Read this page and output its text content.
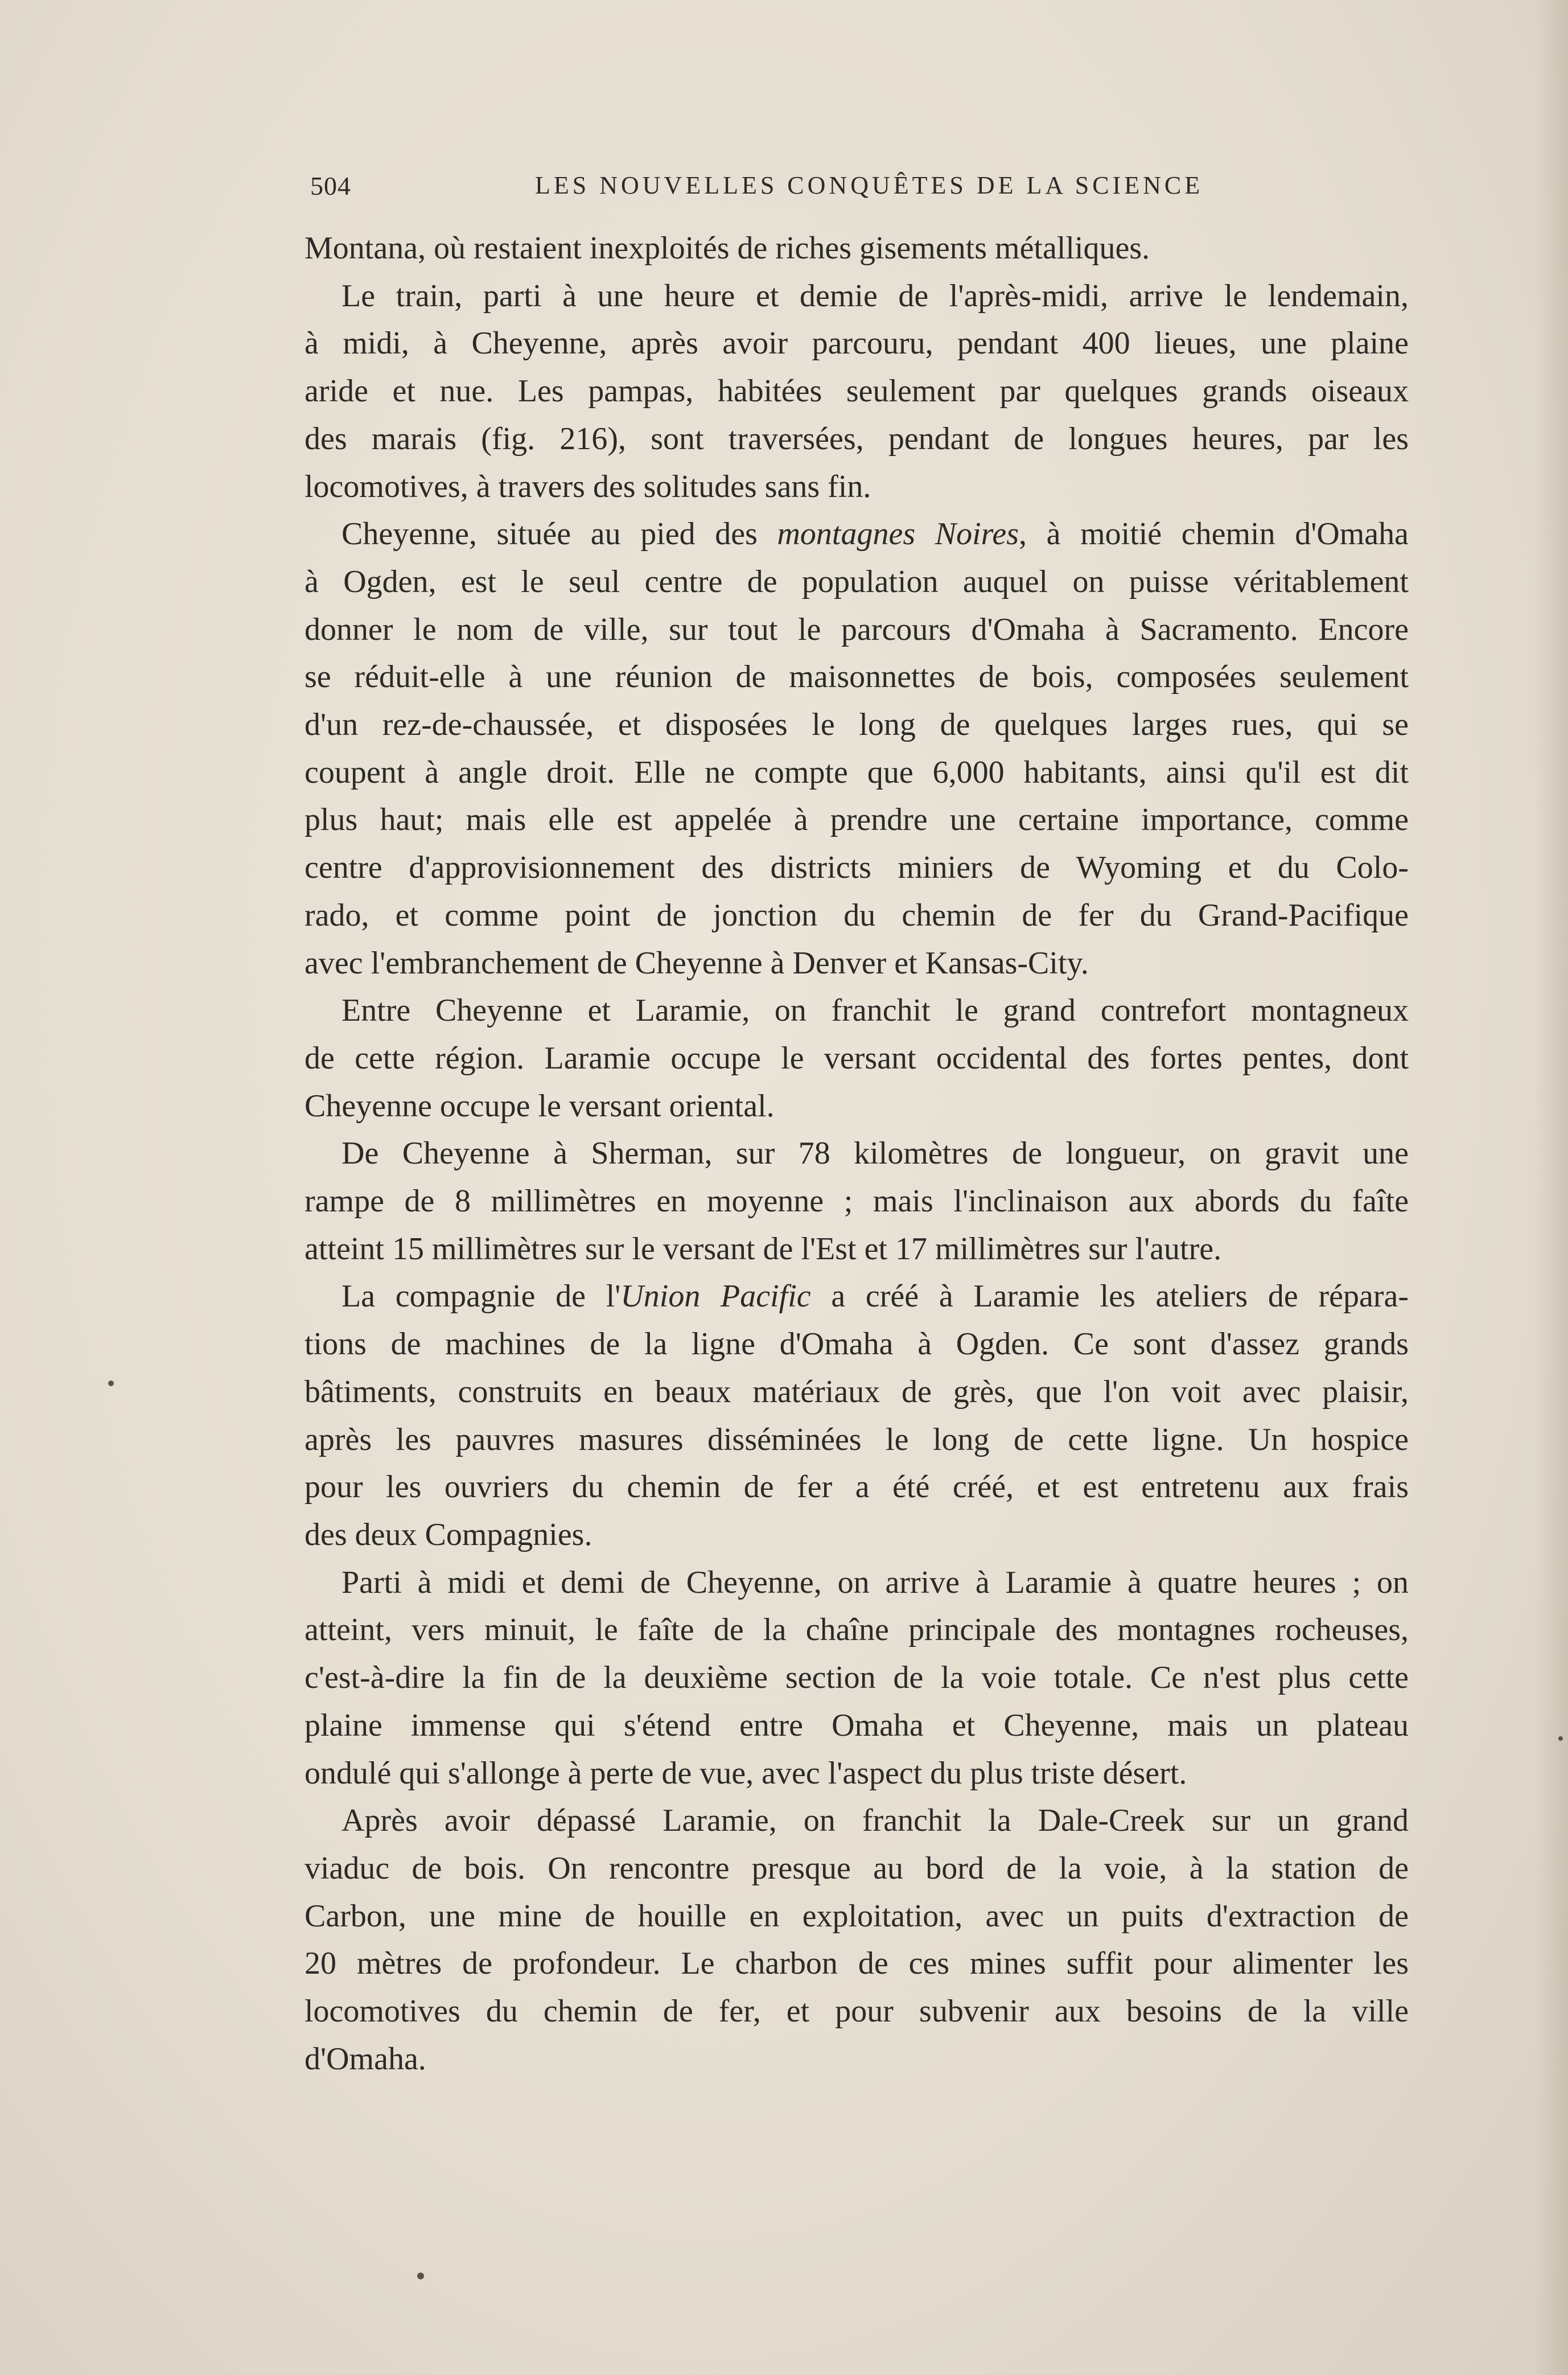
504	LES NOUVELLES CONQUÊTES DE LA SCIENCE

Montana, où restaient inexploités de riches gisements métalliques.

Le train, parti à une heure et demie de l'après-midi, arrive le lendemain,
à midi, à Cheyenne, après avoir parcouru, pendant 400 lieues, une plaine
aride et nue. Les pampas, habitées seulement par quelques grands oiseaux
des marais (fig. 216), sont traversées, pendant de longues heures, par les
locomotives, à travers des solitudes sans fin.

Cheyenne, située au pied des montagnes Noires, à moitié chemin d'Omaha
à Ogden, est le seul centre de population auquel on puisse véritablement
donner le nom de ville, sur tout le parcours d'Omaha à Sacramento. Encore
se réduit-elle à une réunion de maisonnettes de bois, composées seulement
d'un rez-de-chaussée, et disposées le long de quelques larges rues, qui se
coupent à angle droit. Elle ne compte que 6,000 habitants, ainsi qu'il est dit
plus haut; mais elle est appelée à prendre une certaine importance, comme
centre d'approvisionnement des districts miniers de Wyoming et du Colo-
rado, et comme point de jonction du chemin de fer du Grand-Pacifique
avec l'embranchement de Cheyenne à Denver et Kansas-City.

Entre Cheyenne et Laramie, on franchit le grand contrefort montagneux
de cette région. Laramie occupe le versant occidental des fortes pentes, dont
Cheyenne occupe le versant oriental.

De Cheyenne à Sherman, sur 78 kilomètres de longueur, on gravit une
rampe de 8 millimètres en moyenne ; mais l'inclinaison aux abords du faîte
atteint 15 millimètres sur le versant de l'Est et 17 millimètres sur l'autre.

La compagnie de l'Union Pacific a créé à Laramie les ateliers de répara-
tions de machines de la ligne d'Omaha à Ogden. Ce sont d'assez grands
bâtiments, construits en beaux matériaux de grès, que l'on voit avec plaisir,
après les pauvres masures disséminées le long de cette ligne. Un hospice
pour les ouvriers du chemin de fer a été créé, et est entretenu aux frais
des deux Compagnies.

Parti à midi et demi de Cheyenne, on arrive à Laramie à quatre heures ; on
atteint, vers minuit, le faîte de la chaîne principale des montagnes rocheuses,
c'est-à-dire la fin de la deuxième section de la voie totale. Ce n'est plus cette
plaine immense qui s'étend entre Omaha et Cheyenne, mais un plateau
ondulé qui s'allonge à perte de vue, avec l'aspect du plus triste désert.

Après avoir dépassé Laramie, on franchit la Dale-Creek sur un grand
viaduc de bois. On rencontre presque au bord de la voie, à la station de
Carbon, une mine de houille en exploitation, avec un puits d'extraction de
20 mètres de profondeur. Le charbon de ces mines suffit pour alimenter les
locomotives du chemin de fer, et pour subvenir aux besoins de la ville
d'Omaha.
